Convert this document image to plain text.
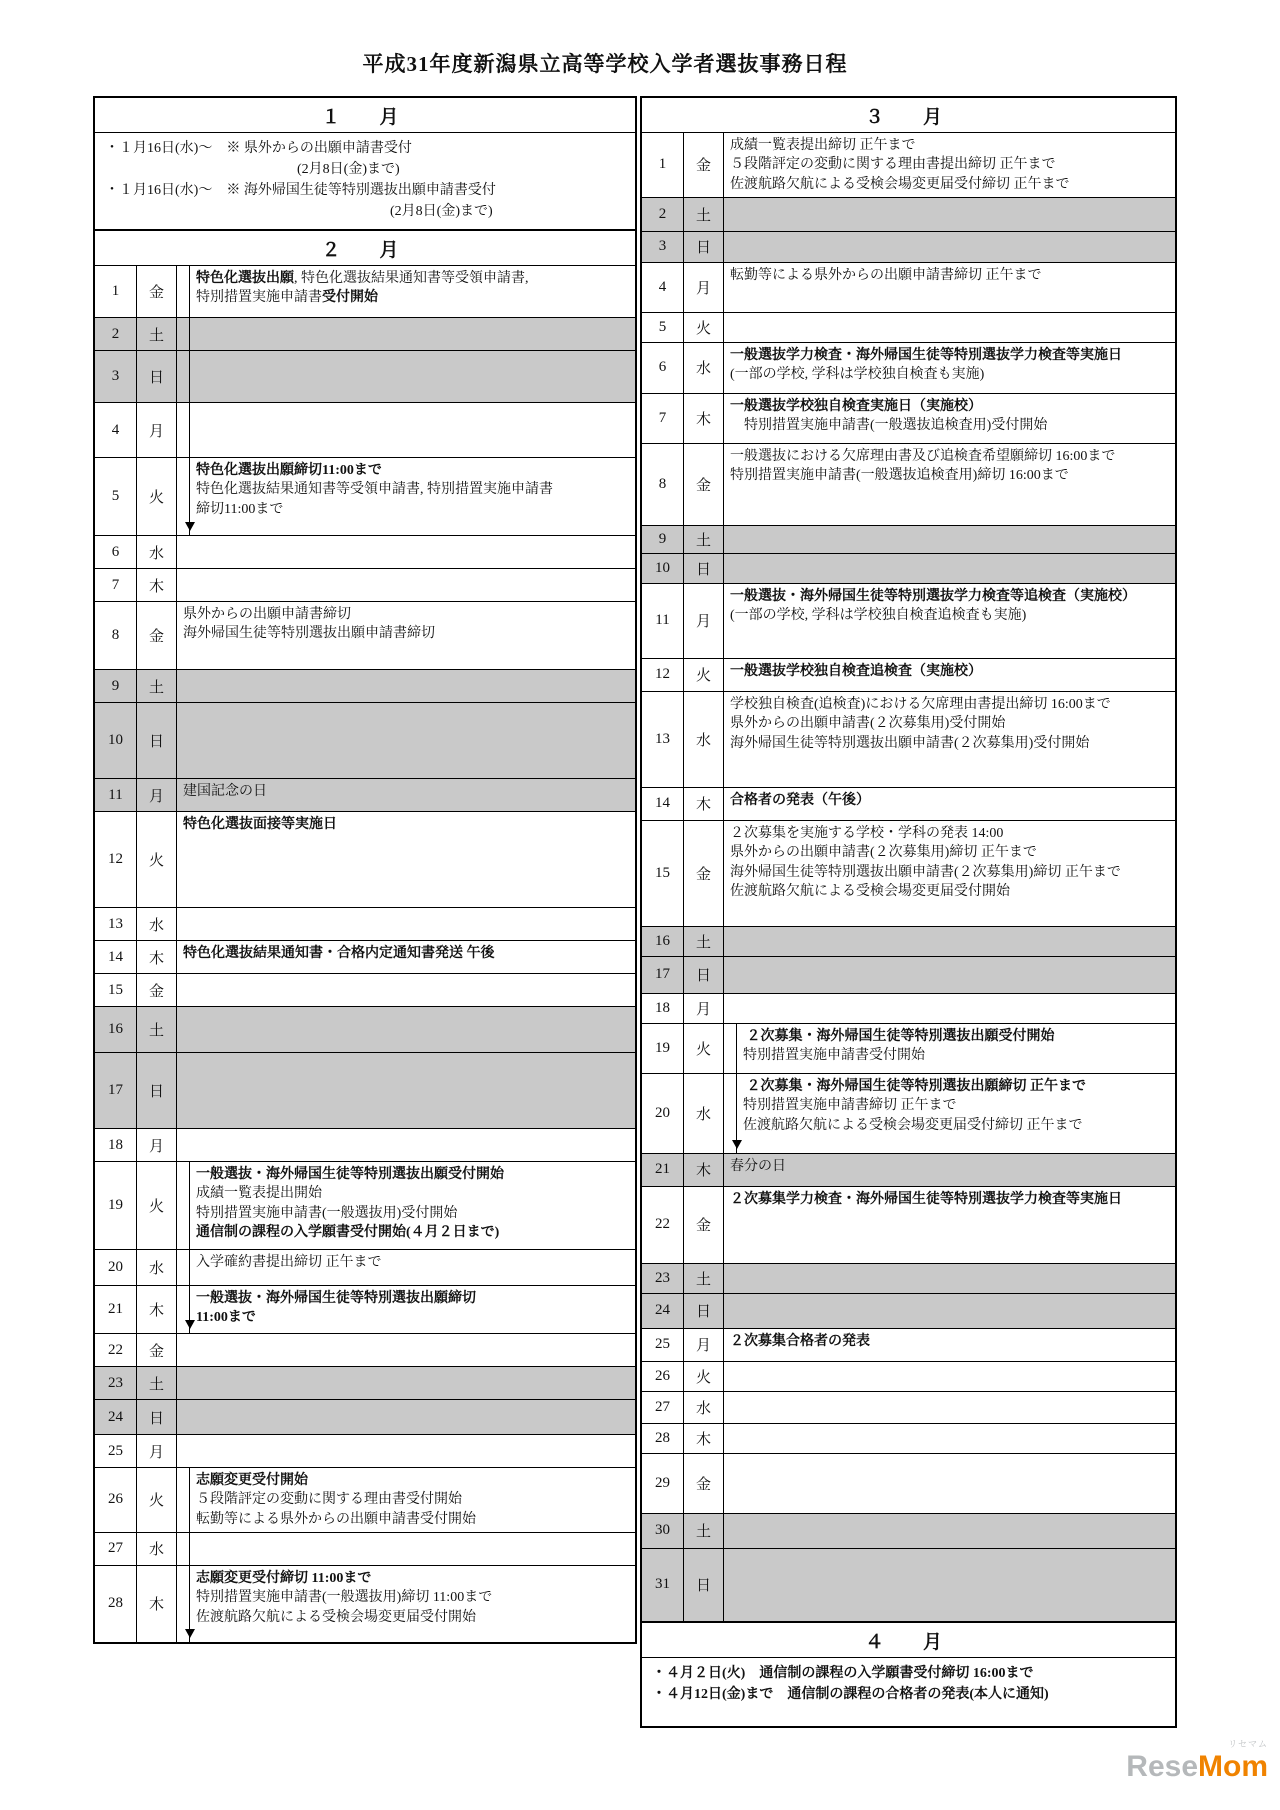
平成31年度新潟県立高等学校入学者選抜事務日程
１　月
・１月16日(水)～　※ 県外からの出願申請書受付
(2月8日(金)まで)
・１月16日(水)～　※ 海外帰国生徒等特別選抜出願申請書受付
(2月8日(金)まで)
２　月
1	金
特色化選抜出願, 特色化選抜結果通知書等受領申請書,
特別措置実施申請書受付開始
2	土
3	日
4	月
5	火
特色化選抜出願締切11:00まで
特色化選抜結果通知書等受領申請書, 特別措置実施申請書
締切11:00まで
6	水
7	木
8	金
県外からの出願申請書締切
海外帰国生徒等特別選抜出願申請書締切
9	土
10	日
11	月	建国記念の日
12	火
特色化選抜面接等実施日
13	水
14	木	特色化選抜結果通知書・合格内定通知書発送 午後
15	金
16	土
17	日
18	月
19	火
一般選抜・海外帰国生徒等特別選抜出願受付開始
成績一覧表提出開始
特別措置実施申請書(一般選抜用)受付開始
通信制の課程の入学願書受付開始(４月２日まで)
20	水	入学確約書提出締切 正午まで
21	木
一般選抜・海外帰国生徒等特別選抜出願締切
11:00まで
22	金
23	土
24	日
25	月
26	火
志願変更受付開始
５段階評定の変動に関する理由書受付開始
転勤等による県外からの出願申請書受付開始
27	水
28	木
志願変更受付締切 11:00まで
特別措置実施申請書(一般選抜用)締切 11:00まで
佐渡航路欠航による受検会場変更届受付開始
３　月
1	金
成績一覧表提出締切 正午まで
５段階評定の変動に関する理由書提出締切 正午まで
佐渡航路欠航による受検会場変更届受付締切 正午まで
2	土
3	日
4	月
転勤等による県外からの出願申請書締切 正午まで
5	火
6	水
一般選抜学力検査・海外帰国生徒等特別選抜学力検査等実施日
(一部の学校, 学科は学校独自検査も実施)
7	木
一般選抜学校独自検査実施日（実施校）
　特別措置実施申請書(一般選抜追検査用)受付開始
8	金
一般選抜における欠席理由書及び追検査希望願締切 16:00まで
特別措置実施申請書(一般選抜追検査用)締切 16:00まで
9	土
10	日
11	月
一般選抜・海外帰国生徒等特別選抜学力検査等追検査（実施校）
(一部の学校, 学科は学校独自検査追検査も実施)
12	火	一般選抜学校独自検査追検査（実施校）
13	水
学校独自検査(追検査)における欠席理由書提出締切 16:00まで
県外からの出願申請書(２次募集用)受付開始
海外帰国生徒等特別選抜出願申請書(２次募集用)受付開始
14	木	合格者の発表（午後）
15	金
２次募集を実施する学校・学科の発表 14:00
県外からの出願申請書(２次募集用)締切 正午まで
海外帰国生徒等特別選抜出願申請書(２次募集用)締切 正午まで
佐渡航路欠航による受検会場変更届受付開始
16	土
17	日
18	月
19	火
２次募集・海外帰国生徒等特別選抜出願受付開始
特別措置実施申請書受付開始
20	水
２次募集・海外帰国生徒等特別選抜出願締切 正午まで
特別措置実施申請書締切 正午まで
佐渡航路欠航による受検会場変更届受付締切 正午まで
21	木	春分の日
22	金
２次募集学力検査・海外帰国生徒等特別選抜学力検査等実施日
23	土
24	日
25	月	２次募集合格者の発表
26	火
27	水
28	木
29	金
30	土
31	日
４　月
・４月２日(火)　通信制の課程の入学願書受付締切 16:00まで
・４月12日(金)まで　通信制の課程の合格者の発表(本人に通知)
リセマム
ReseMom
